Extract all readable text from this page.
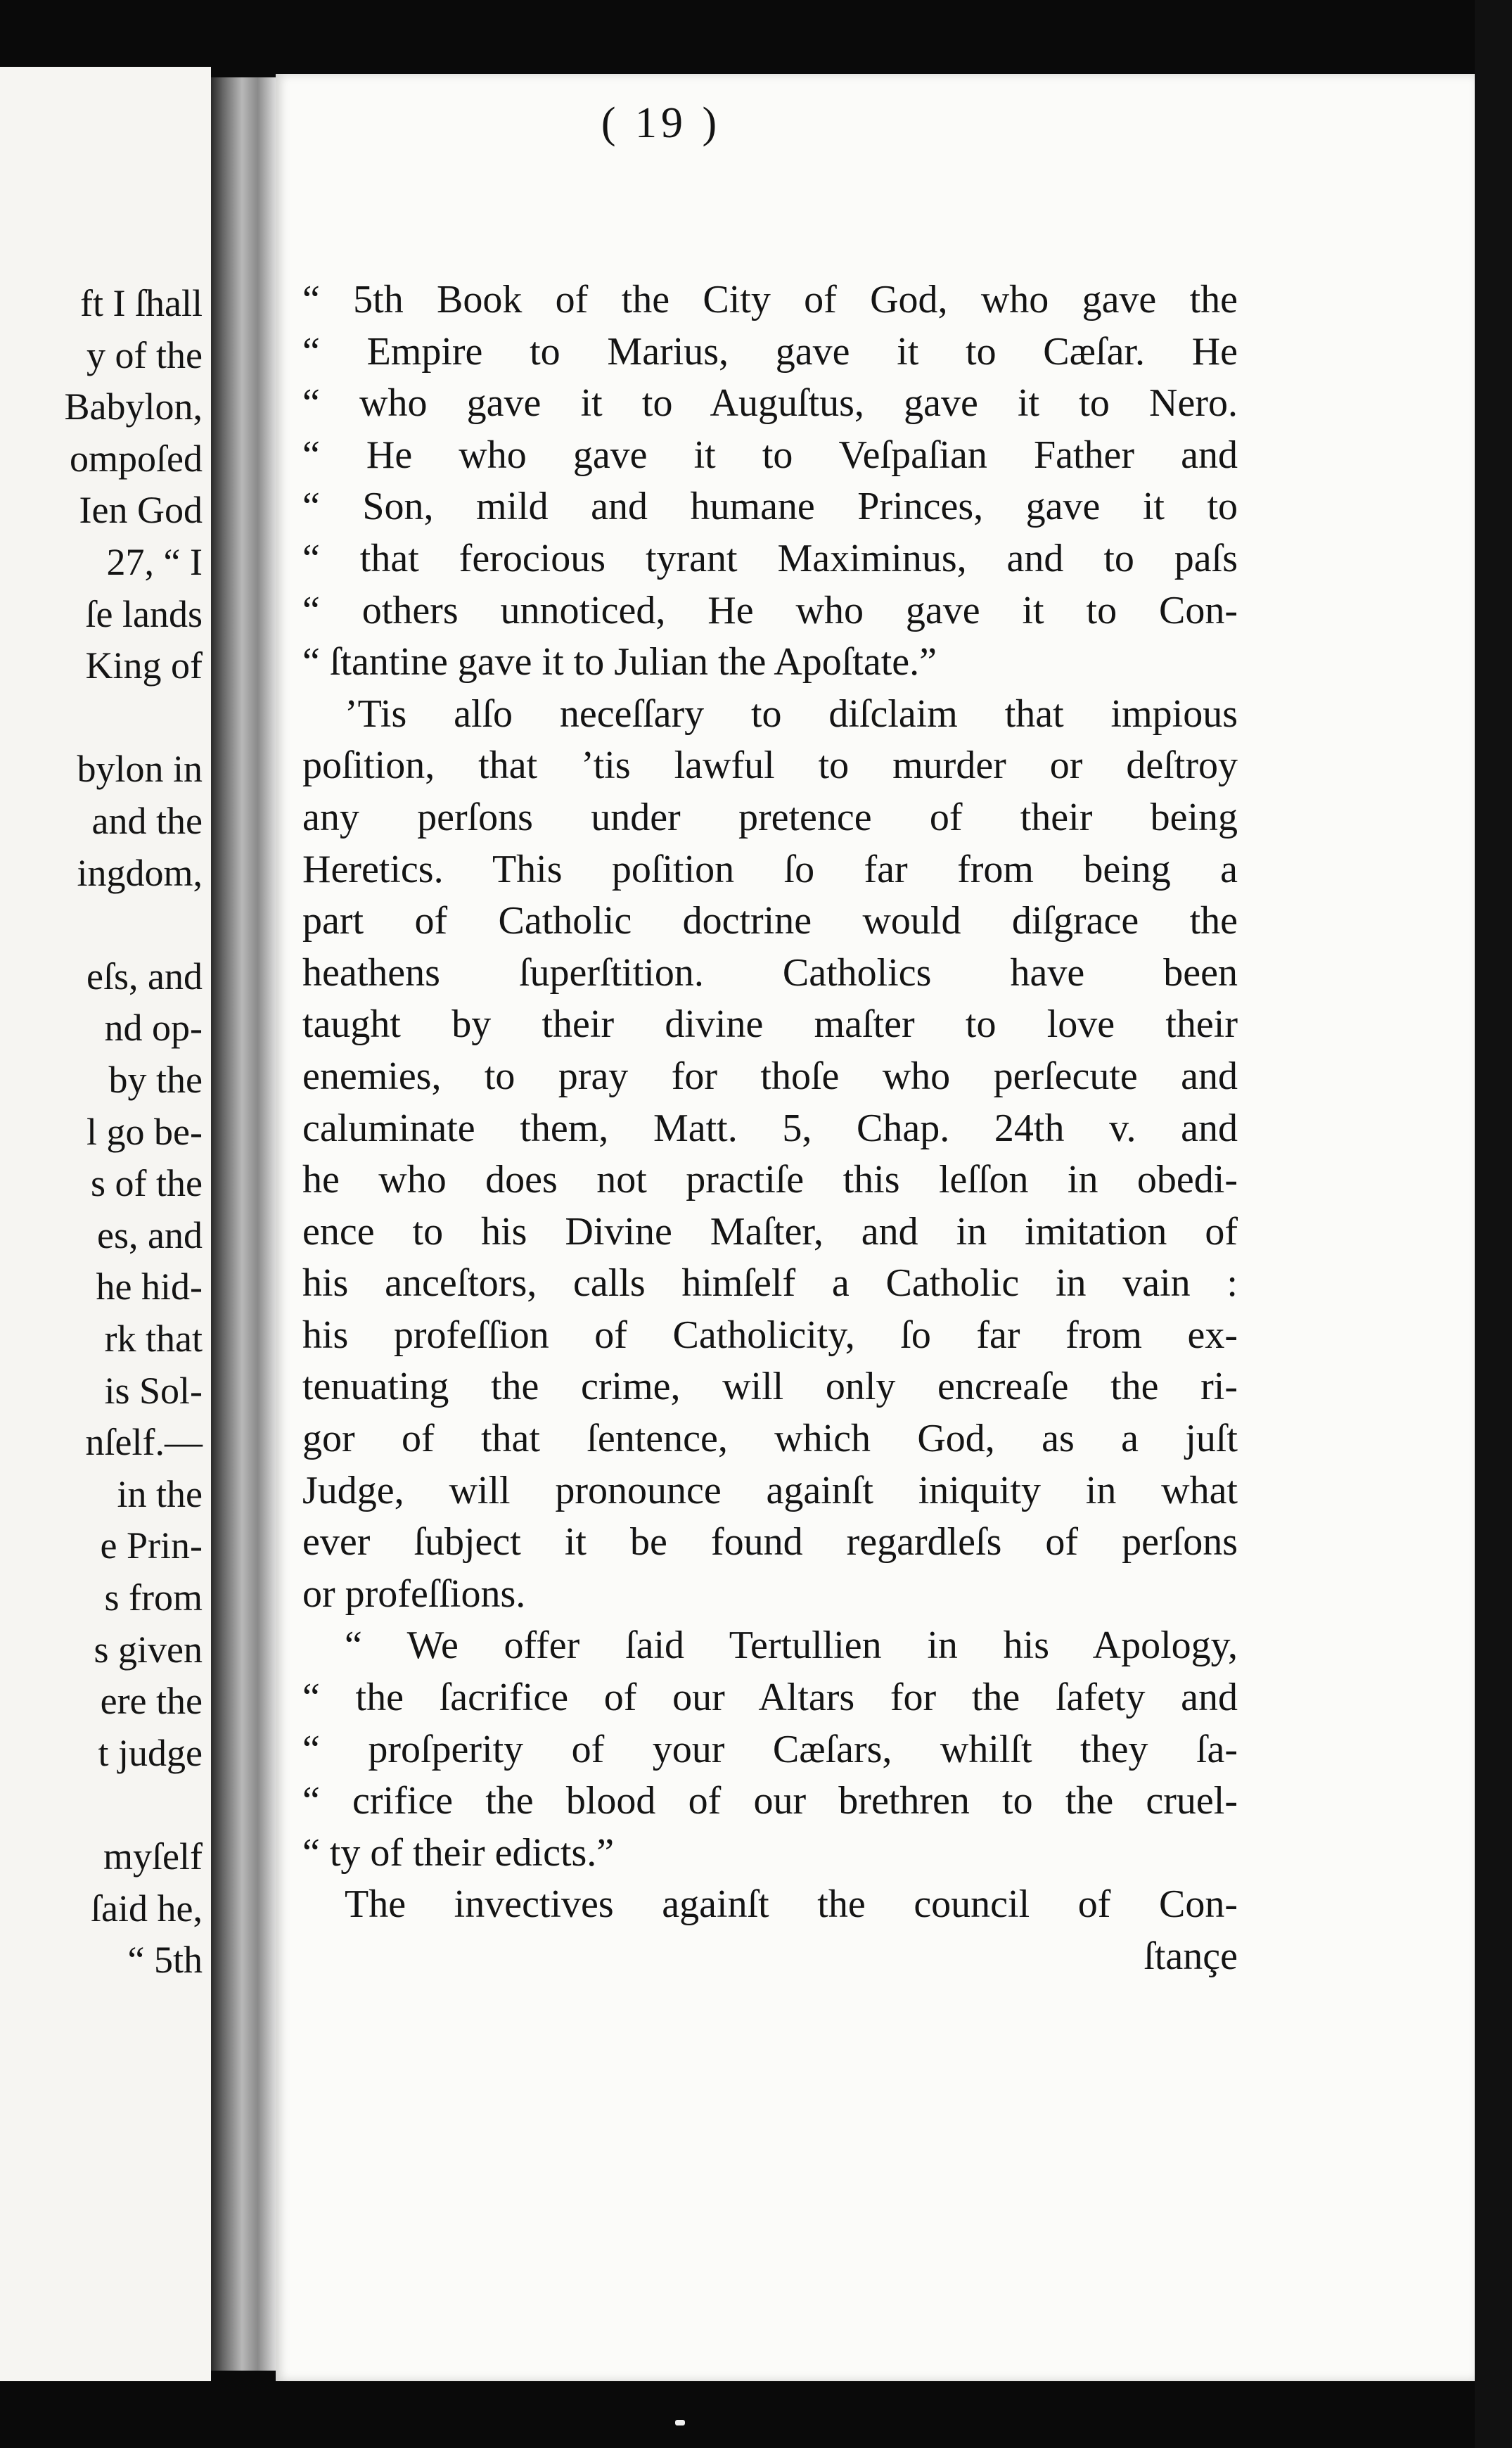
ft I ſhall
y of the
Babylon,
ompoſed
Ien God
27, “ I
ſe lands
King of
bylon in
and the
ingdom,
eſs, and
nd op-
by the
l go be-
s of the
es, and
he hid-
rk that
is Sol-
nſelf.—
in the
e Prin-
s from
s given
ere the
t judge
myſelf
ſaid he,
“ 5th
( 19 )
“ 5th Book of the City of God, who gave the
“ Empire to Marius, gave it to Cæſar. He
“ who gave it to Auguſtus, gave it to Nero.
“ He who gave it to Veſpaſian Father and
“ Son, mild and humane Princes, gave it to
“ that ferocious tyrant Maximinus, and to paſs
“ others unnoticed, He who gave it to Con-
“ ſtantine gave it to Julian the Apoſtate.”
’Tis alſo neceſſary to diſclaim that impious
poſition, that ’tis lawful to murder or deſtroy
any perſons under pretence of their being
Heretics. This poſition ſo far from being a
part of Catholic doctrine would diſgrace the
heathens ſuperſtition. Catholics have been
taught by their divine maſter to love their
enemies, to pray for thoſe who perſecute and
caluminate them, Matt. 5, Chap. 24th v. and
he who does not practiſe this leſſon in obedi-
ence to his Divine Maſter, and in imitation of
his anceſtors, calls himſelf a Catholic in vain :
his profeſſion of Catholicity, ſo far from ex-
tenuating the crime, will only encreaſe the ri-
gor of that ſentence, which God, as a juſt
Judge, will pronounce againſt iniquity in what
ever ſubject it be found regardleſs of perſons
or profeſſions.
“ We offer ſaid Tertullien in his Apology,
“ the ſacrifice of our Altars for the ſafety and
“ proſperity of your Cæſars, whilſt they ſa-
“ crifice the blood of our brethren to the cruel-
“ ty of their edicts.”
The invectives againſt the council of Con-
ſtançe
